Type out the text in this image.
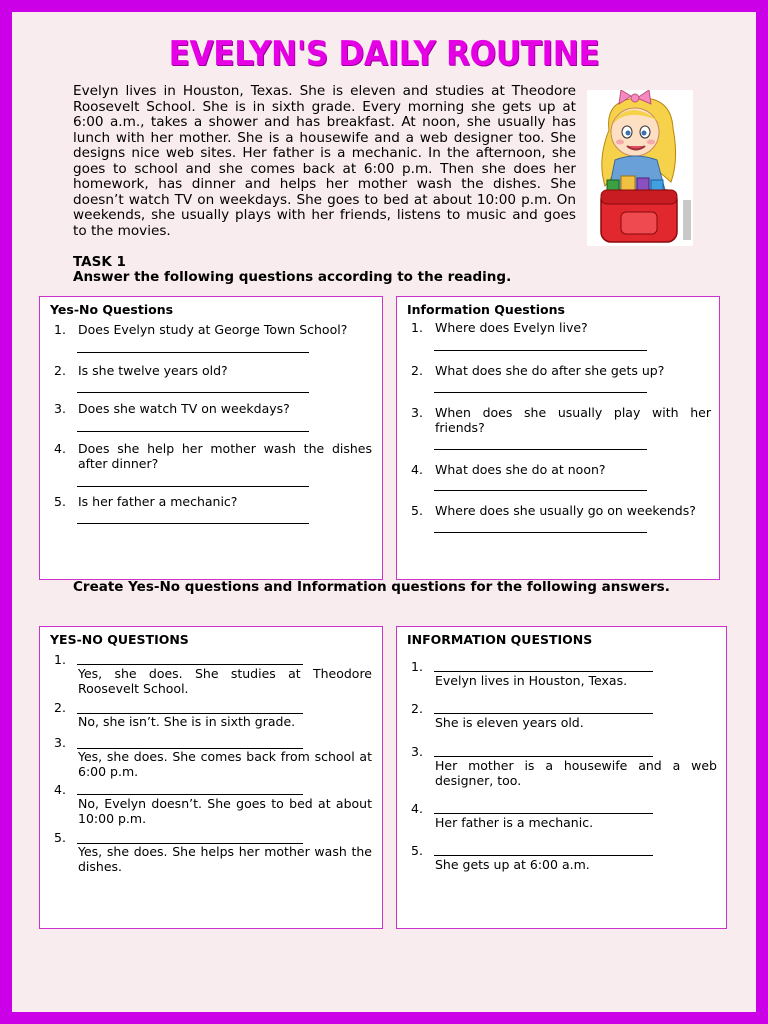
EVELYN'S DAILY ROUTINE
Evelyn lives in Houston, Texas. She is eleven and studies at Theodore Roosevelt School. She is in sixth grade. Every morning she gets up at 6:00 a.m., takes a shower and has breakfast. At noon, she usually has lunch with her mother. She is a housewife and a web designer too. She designs nice web sites. Her father is a mechanic. In the afternoon, she goes to school and she comes back at 6:00 p.m. Then she does her homework, has dinner and helps her mother wash the dishes. She doesn’t watch TV on weekdays. She goes to bed at about 10:00 p.m. On weekends, she usually plays with her friends, listens to music and goes to the movies.
TASK 1
Answer the following questions according to the reading.
Yes-No Questions
1. Does Evelyn study at George Town School?
2. Is she twelve years old?
3. Does she watch TV on weekdays?
4. Does she help her mother wash the dishes after dinner?
5. Is her father a mechanic?
Information Questions
1. Where does Evelyn live?
2. What does she do after she gets up?
3. When does she usually play with her friends?
4. What does she do at noon?
5. Where does she usually go on weekends?
Create Yes-No questions and Information questions for the following answers.
YES-NO QUESTIONS
1.
Yes, she does. She studies at Theodore Roosevelt School.
2.
No, she isn’t. She is in sixth grade.
3.
Yes, she does. She comes back from school at 6:00 p.m.
4.
No, Evelyn doesn’t. She goes to bed at about 10:00 p.m.
5.
Yes, she does. She helps her mother wash the dishes.
INFORMATION QUESTIONS
1.
Evelyn lives in Houston, Texas.
2.
She is eleven years old.
3.
Her mother is a housewife and a web designer, too.
4.
Her father is a mechanic.
5.
She gets up at 6:00 a.m.
